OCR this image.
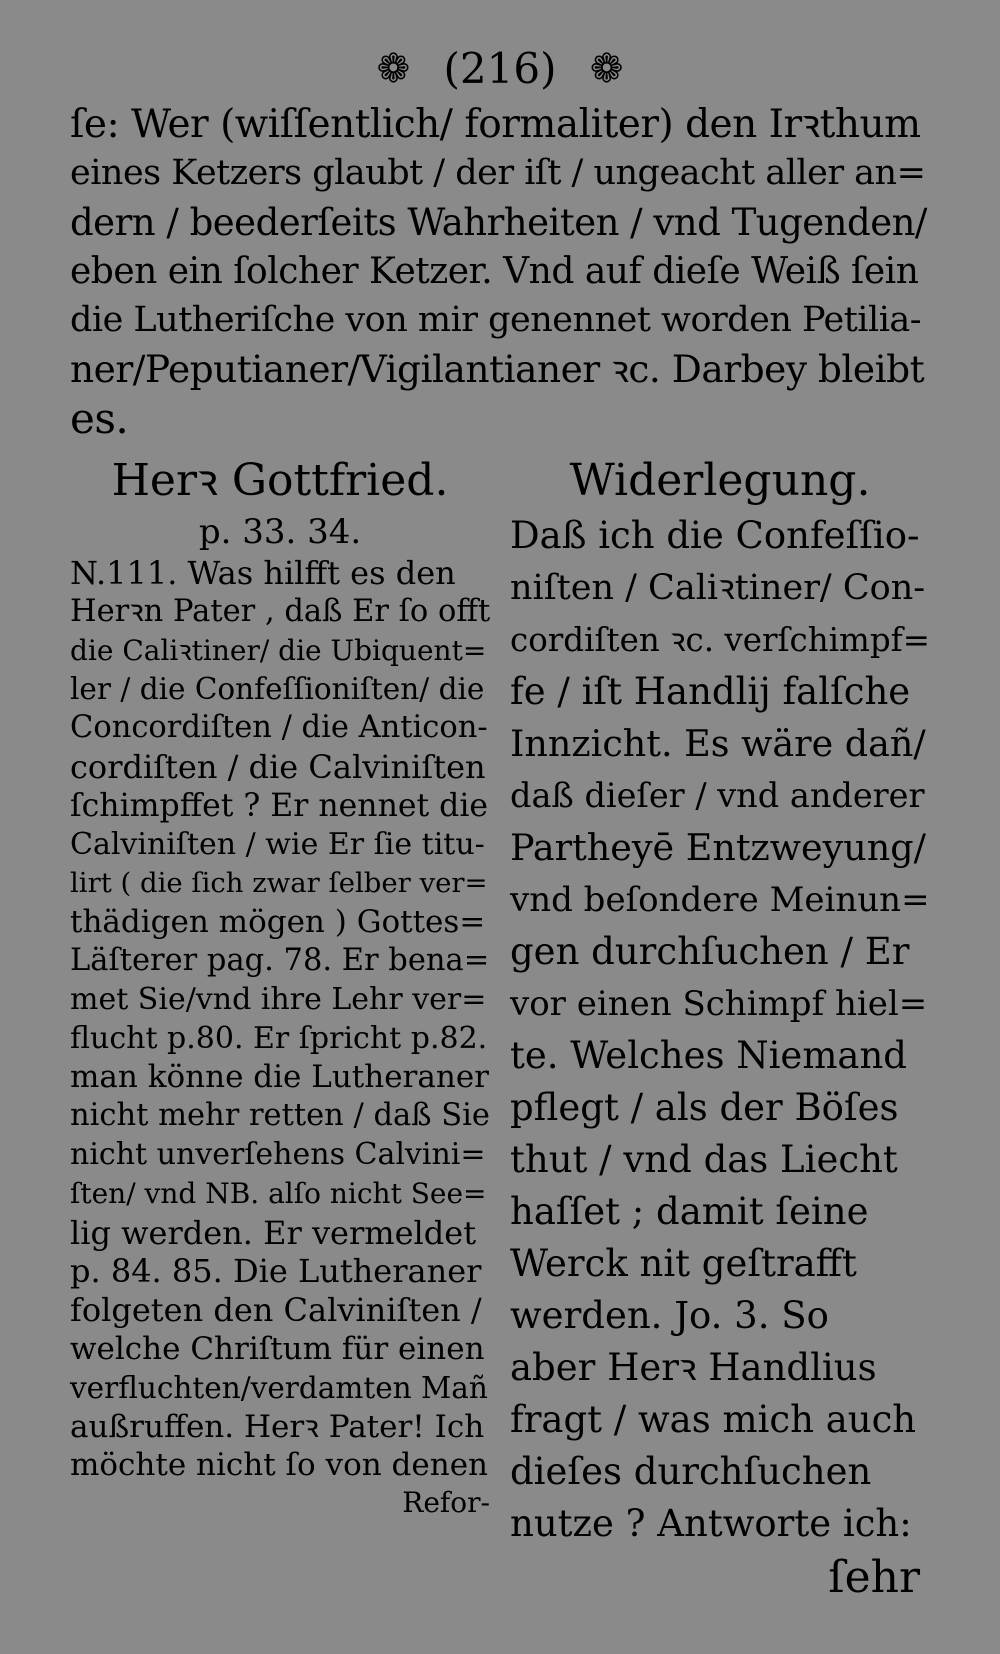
❁ (216) ❁
ſe: Wer (wiſſentlich/ formaliter) den Irꝛthum
eines Ketzers glaubt / der iſt / ungeacht aller an=
dern / beederſeits Wahrheiten / vnd Tugenden/
eben ein ſolcher Ketzer. Vnd auf dieſe Weiß ſein
die Lutheriſche von mir genennet worden Petilia-
ner/Peputianer/Vigilantianer ꝛc. Darbey bleibt
es.
Herꝛ Gottfried.
p. 33. 34.
N.111. Was hilfft es den
Herꝛn Pater , daß Er ſo offt
die Caliꝛtiner/ die Ubiquent=
ler / die Confeſſioniſten/ die
Concordiſten / die Anticon-
cordiſten / die Calviniſten
ſchimpffet ? Er nennet die
Calviniſten / wie Er ſie titu-
lirt ( die ſich zwar ſelber ver=
thädigen mögen ) Gottes=
Läſterer pag. 78. Er bena=
met Sie/vnd ihre Lehr ver=
flucht p.80. Er ſpricht p.82.
man könne die Lutheraner
nicht mehr retten / daß Sie
nicht unverſehens Calvini=
ſten/ vnd NB. alſo nicht See=
lig werden. Er vermeldet
p. 84. 85. Die Lutheraner
folgeten den Calviniſten /
welche Chriſtum für einen
verfluchten/verdamten Mañ
außruffen. Herꝛ Pater! Ich
möchte nicht ſo von denen
Refor-
Widerlegung.
Daß ich die Confeſſio-
niſten / Caliꝛtiner/ Con-
cordiſten ꝛc. verſchimpf=
fe / iſt Handlij falſche
Innzicht. Es wäre dañ/
daß dieſer / vnd anderer
Partheyē Entzweyung/
vnd beſondere Meinun=
gen durchſuchen / Er
vor einen Schimpf hiel=
te. Welches Niemand
pflegt / als der Böſes
thut / vnd das Liecht
haſſet ; damit ſeine
Werck nit geſtrafft
werden. Jo. 3. So
aber Herꝛ Handlius
fragt / was mich auch
dieſes durchſuchen
nutze ? Antworte ich:
ſehr
